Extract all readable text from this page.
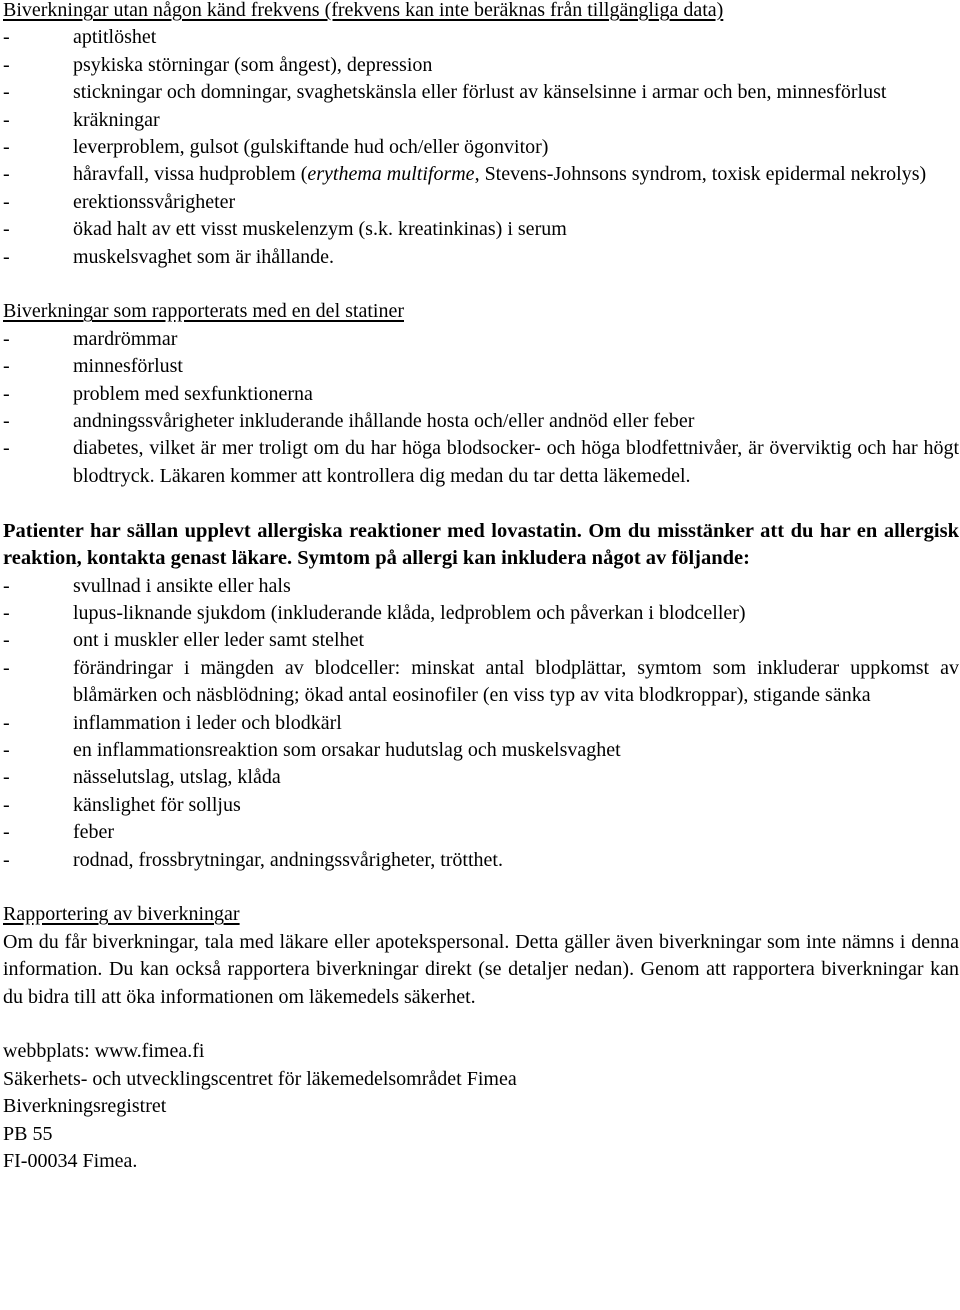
Biverkningar utan någon känd frekvens (frekvens kan inte beräknas från tillgängliga data)
- aptitlöshet
- psykiska störningar (som ångest), depression
- stickningar och domningar, svaghetskänsla eller förlust av känselsinne i armar och ben, minnesförlust
- kräkningar
- leverproblem, gulsot (gulskiftande hud och/eller ögonvitor)
- håravfall, vissa hudproblem (erythema multiforme, Stevens-Johnsons syndrom, toxisk epidermal nekrolys)
- erektionssvårigheter
- ökad halt av ett visst muskelenzym (s.k. kreatinkinas) i serum
- muskelsvaghet som är ihållande.
Biverkningar som rapporterats med en del statiner
- mardrömmar
- minnesförlust
- problem med sexfunktionerna
- andningssvårigheter inkluderande ihållande hosta och/eller andnöd eller feber
- diabetes, vilket är mer troligt om du har höga blodsocker- och höga blodfettnivåer, är överviktig och har högt blodtryck. Läkaren kommer att kontrollera dig medan du tar detta läkemedel.
Patienter har sällan upplevt allergiska reaktioner med lovastatin. Om du misstänker att du har en allergisk reaktion, kontakta genast läkare. Symtom på allergi kan inkludera något av följande:
- svullnad i ansikte eller hals
- lupus-liknande sjukdom (inkluderande klåda, ledproblem och påverkan i blodceller)
- ont i muskler eller leder samt stelhet
- förändringar i mängden av blodceller: minskat antal blodplättar, symtom som inkluderar uppkomst av blåmärken och näsblödning; ökad antal eosinofiler (en viss typ av vita blodkroppar), stigande sänka
- inflammation i leder och blodkärl
- en inflammationsreaktion som orsakar hudutslag och muskelsvaghet
- nässelutslag, utslag, klåda
- känslighet för solljus
- feber
- rodnad, frossbrytningar, andningssvårigheter, trötthet.
Rapportering av biverkningar
Om du får biverkningar, tala med läkare eller apotekspersonal. Detta gäller även biverkningar som inte nämns i denna information. Du kan också rapportera biverkningar direkt (se detaljer nedan). Genom att rapportera biverkningar kan du bidra till att öka informationen om läkemedels säkerhet.
webbplats: www.fimea.fi
Säkerhets- och utvecklingscentret för läkemedelsområdet Fimea
Biverkningsregistret
PB 55
FI-00034 Fimea.
